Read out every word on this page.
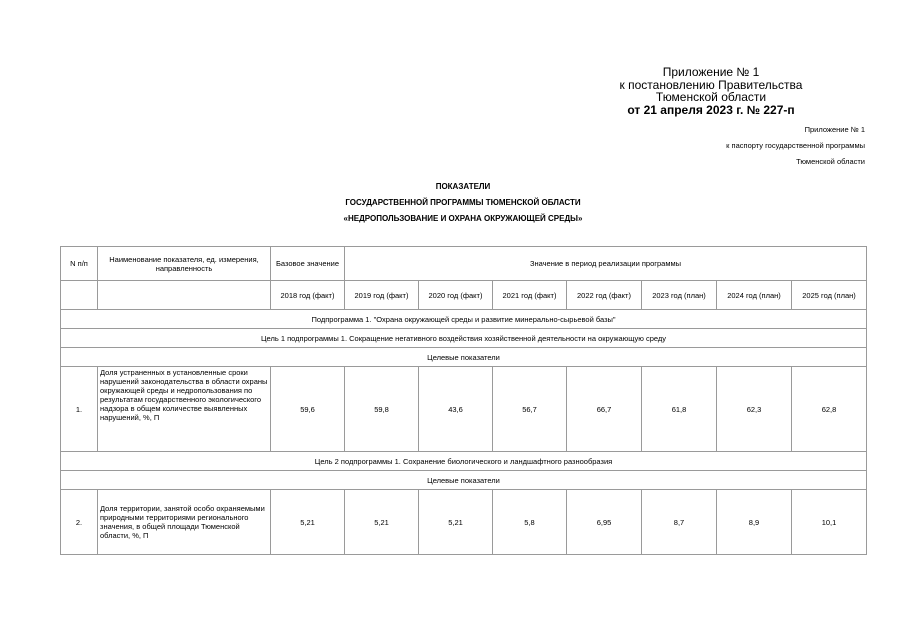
Приложение № 1
к постановлению Правительства
Тюменской области
от 21 апреля 2023 г. № 227-п
Приложение № 1
к паспорту государственной программы
Тюменской области
ПОКАЗАТЕЛИ
ГОСУДАРСТВЕННОЙ ПРОГРАММЫ ТЮМЕНСКОЙ ОБЛАСТИ
«НЕДРОПОЛЬЗОВАНИЕ И ОХРАНА ОКРУЖАЮЩЕЙ СРЕДЫ»
N п/п	Наименование показателя, ед. измерения, направленность	Базовое значение	Значение в период реализации программы						
		2018 год (факт)	2019 год (факт)	2020 год (факт)	2021 год (факт)	2022 год (факт)	2023 год (план)	2024 год (план)	2025 год (план)
Подпрограмма 1. "Охрана окружающей среды и развитие минерально-сырьевой базы"									
Цель 1 подпрограммы 1. Сокращение негативного воздействия хозяйственной деятельности на окружающую среду									
Целевые показатели									
1.	Доля устраненных в установленные сроки нарушений законодательства в области охраны окружающей среды и недропользования по результатам государственного экологического надзора в общем количестве выявленных нарушений, %, П	59,6	59,8	43,6	56,7	66,7	61,8	62,3	62,8
Цель 2 подпрограммы 1. Сохранение биологического и ландшафтного разнообразия									
Целевые показатели									
2.	Доля территории, занятой особо охраняемыми природными территориями регионального значения, в общей площади Тюменской области, %, П	5,21	5,21	5,21	5,8	6,95	8,7	8,9	10,1
